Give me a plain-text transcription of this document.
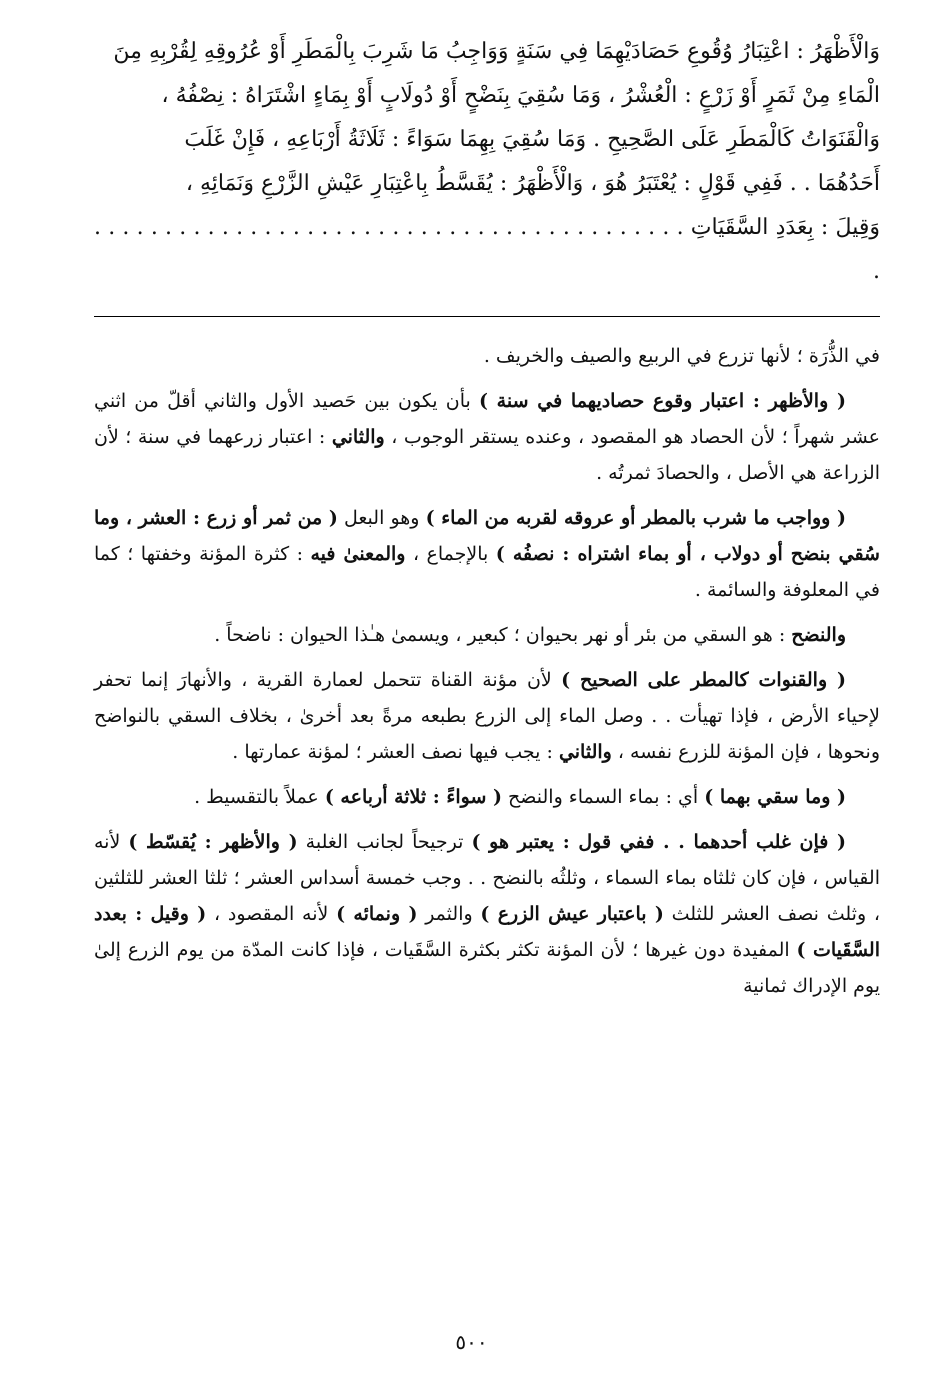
وَالْأَظْهَرُ : اعْتِبَارُ وُقُوعِ حَصَادَيْهِمَا فِي سَنَةٍ وَوَاجِبُ مَا شَرِبَ بِالْمَطَرِ أَوْ عُرُوقِهِ لِقُرْبِهِ مِنَ

الْمَاءِ مِنْ ثَمَرٍ أَوْ زَرْعٍ : الْعُشْرُ ، وَمَا سُقِيَ بِنَضْحٍ أَوْ دُولَابٍ أَوْ بِمَاءٍ اشْتَرَاهُ : نِصْفُهُ ،

وَالْقَنَوَاتُ كَالْمَطَرِ عَلَى الصَّحِيحِ . وَمَا سُقِيَ بِهِمَا سَوَاءً : ثَلَاثَةُ أَرْبَاعِهِ ، فَإِنْ غَلَبَ

أَحَدُهُمَا . . فَفِي قَوْلٍ : يُعْتَبَرُ هُوَ ، وَالْأَظْهَرُ : يُقَسَّطُ بِاعْتِبَارِ عَيْشِ الزَّرْعِ وَنَمَائِهِ ،

وَقِيلَ : بِعَدَدِ السَّقَيَاتِ . . . . . . . . . . . . . . . . . . . . . . . . . . . . . . . . . . . . . . . . . . .

في الذُّرَة ؛ لأنها تزرع في الربيع والصيف والخريف .

( والأظهر : اعتبار وقوع حصاديهما في سنة ) بأن يكون بين حَصيد الأول والثاني أقلّ من اثني عشر شهراً ؛ لأن الحصاد هو المقصود ، وعنده يستقر الوجوب ، والثاني : اعتبار زرعهما في سنة ؛ لأن الزراعة هي الأصل ، والحصادَ ثمرتُه .

( وواجب ما شرب بالمطر أو عروقه لقربه من الماء ) وهو البعل ( من ثمر أو زرع : العشر ، وما سُقي بنضح أو دولاب ، أو بماء اشتراه : نصفُه ) بالإجماع ، والمعنىٰ فيه : كثرة المؤنة وخفتها ؛ كما في المعلوفة والسائمة .

والنضح : هو السقي من بئر أو نهر بحيوان ؛ كبعير ، ويسمىٰ هـٰذا الحيوان : ناضحاً .

( والقنوات كالمطر على الصحيح ) لأن مؤنة القناة تتحمل لعمارة القرية ، والأنهارَ إنما تحفر لإحياء الأرض ، فإذا تهيأت . . وصل الماء إلى الزرع بطبعه مرةً بعد أخرىٰ ، بخلاف السقي بالنواضح ونحوها ، فإن المؤنة للزرع نفسه ، والثاني : يجب فيها نصف العشر ؛ لمؤنة عمارتها .

( وما سقي بهما ) أي : بماء السماء والنضح ( سواءً : ثلاثة أرباعه ) عملاً بالتقسيط .

( فإن غلب أحدهما . . ففي قول : يعتبر هو ) ترجيحاً لجانب الغلبة ( والأظهر : يُقسّط ) لأنه القياس ، فإن كان ثلثاه بماء السماء ، وثلثُه بالنضح . . وجب خمسة أسداس العشر ؛ ثلثا العشر للثلثين ، وثلث نصف العشر للثلث ( باعتبار عيش الزرع ) والثمر ( ونمائه ) لأنه المقصود ، ( وقيل : بعدد السَّقَيات ) المفيدة دون غيرها ؛ لأن المؤنة تكثر بكثرة السَّقَيات ، فإذا كانت المدّة من يوم الزرع إلىٰ يوم الإدراك ثمانية

٥٠٠
